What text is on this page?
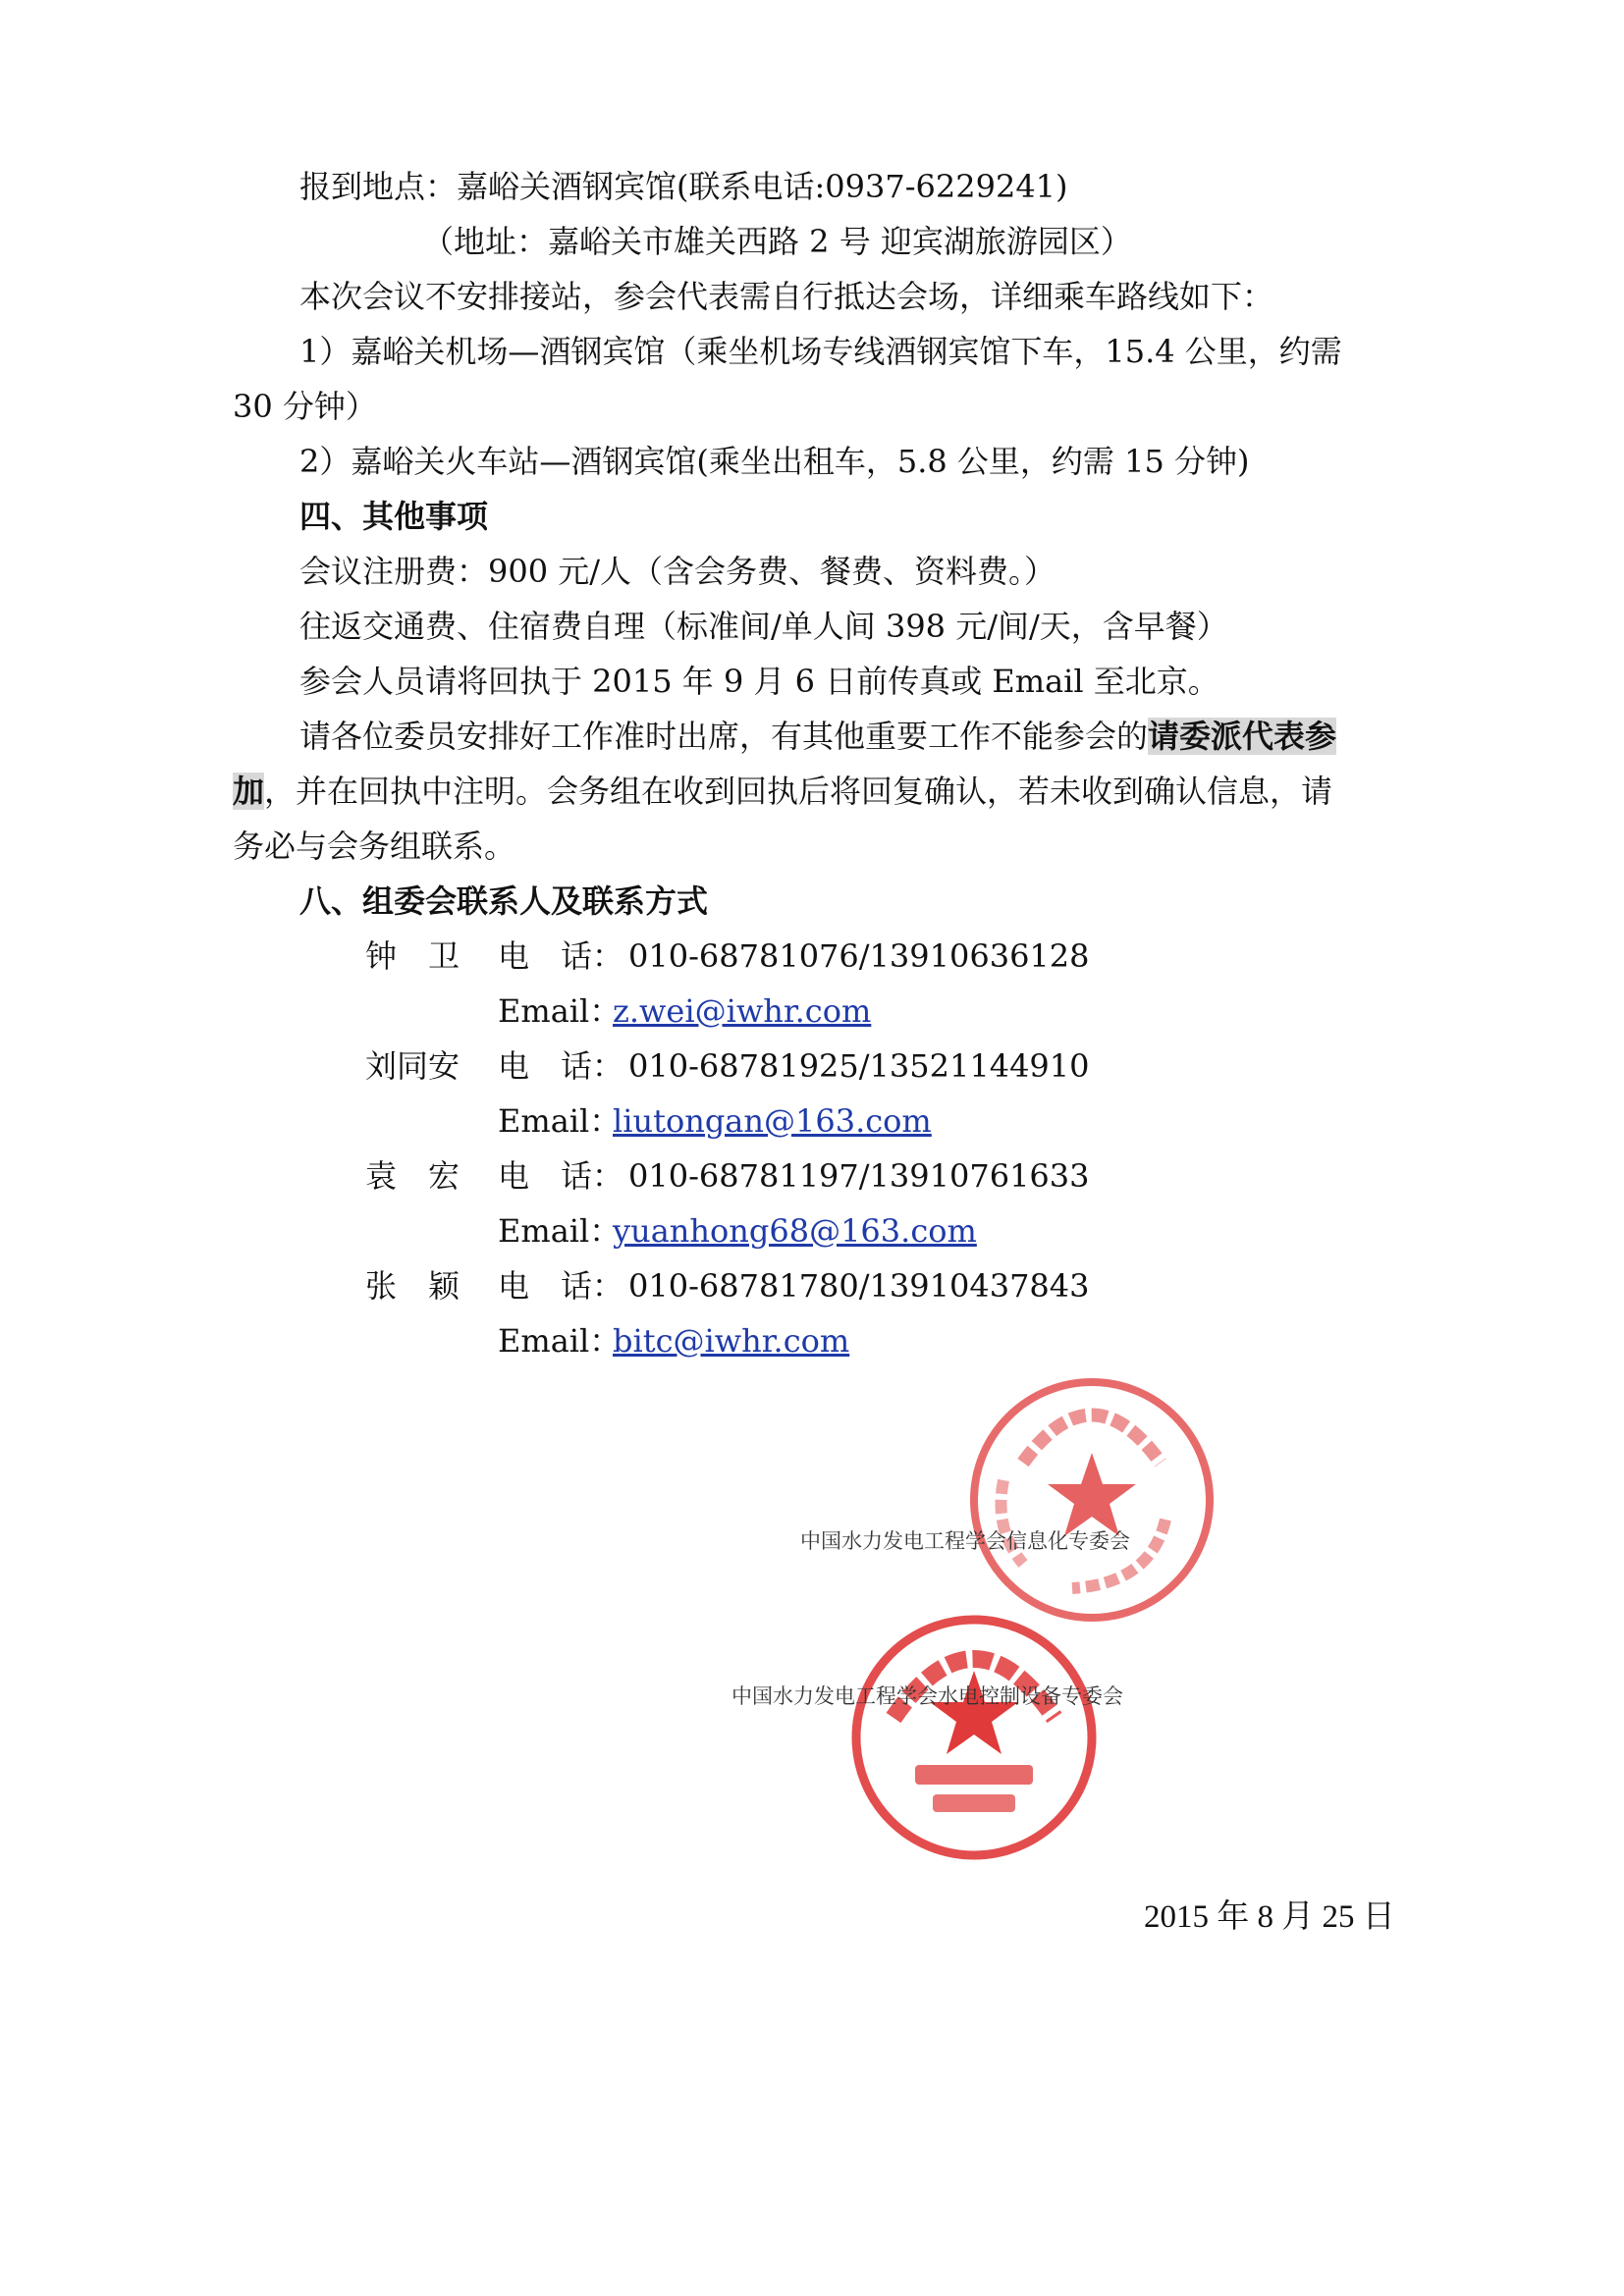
报到地点：嘉峪关酒钢宾馆(联系电话:0937-6229241)
（地址：嘉峪关市雄关西路 2 号 迎宾湖旅游园区）
本次会议不安排接站，参会代表需自行抵达会场，详细乘车路线如下：
1）嘉峪关机场—酒钢宾馆（乘坐机场专线酒钢宾馆下车，15.4 公里，约需
30 分钟）
2）嘉峪关火车站—酒钢宾馆(乘坐出租车，5.8 公里，约需 15 分钟)
四、其他事项
会议注册费：900 元/人（含会务费、餐费、资料费。）
往返交通费、住宿费自理（标准间/单人间 398 元/间/天，含早餐）
参会人员请将回执于 2015 年 9 月 6 日前传真或 Email 至北京。
请各位委员安排好工作准时出席，有其他重要工作不能参会的请委派代表参
加，并在回执中注明。会务组在收到回执后将回复确认，若未收到确认信息，请
务必与会务组联系。
八、组委会联系人及联系方式
钟　卫 电　话： 010-68781076/13910636128
Email：
z.wei@iwhr.com
刘同安 电　话： 010-68781925/13521144910
Email：
liutongan@163.com
袁　宏 电　话： 010-68781197/13910761633
Email：
yuanhong68@163.com
张　颖 电　话： 010-68781780/13910437843
Email：
bitc@iwhr.com
中国水力发电工程学会信息化专委会
中国水力发电工程学会水电控制设备专委会
2015 年 8 月 25 日
